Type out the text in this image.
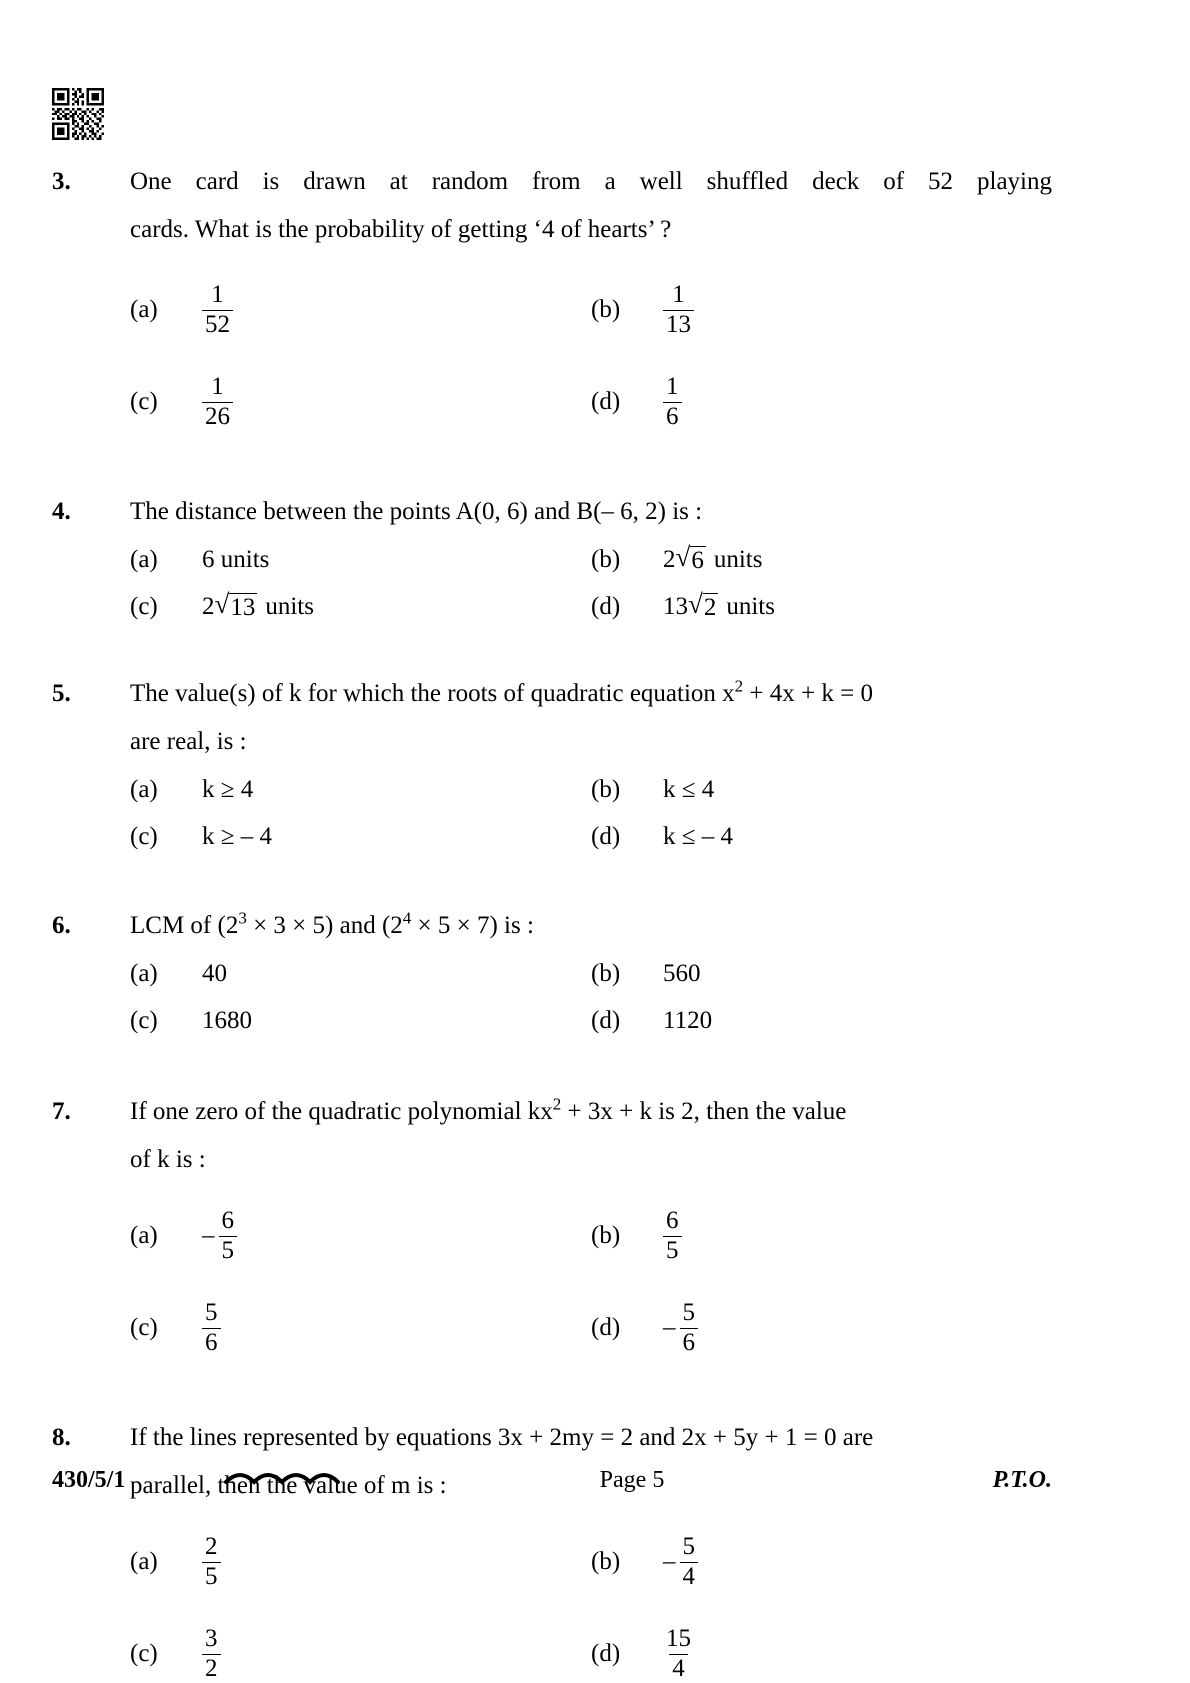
3.	One card is drawn at random from a well shuffled deck of 52 playing
cards. What is the probability of getting ‘4 of hearts’ ?
(a)	$\frac{1}{52}$	(b)	$\frac{1}{13}$
(c)	$\frac{1}{26}$	(d)	$\frac{1}{6}$
4.	The distance between the points A(0, 6) and B(– 6, 2) is :
(a)	6 units	(b)	2 √ 6 units
(c)	2 √ 13 units	(d)	13 √ 2 units
5.	The value(s) of k for which the roots of quadratic equation $x^2 + 4x + k = 0$
are real, is :
(a)	k ≥ 4	(b)	k ≤ 4
(c)	k ≥ – 4	(d)	k ≤ – 4
6.	LCM of $(2^3 \times 3 \times 5)$ and $(2^4 \times 5 \times 7)$ is :
(a)	40	(b)	560
(c)	1680	(d)	1120
7.	If one zero of the quadratic polynomial $kx^2 + 3x + k$ is 2, then the value
of k is :
(a)	– $\frac{6}{5}$	(b)	$\frac{6}{5}$
(c)	$\frac{5}{6}$	(d)	– $\frac{5}{6}$
8.	If the lines represented by equations 3x + 2my = 2 and 2x + 5y + 1 = 0 are
parallel, then the value of m is :
(a)	$\frac{2}{5}$	(b)	– $\frac{5}{4}$
(c)	$\frac{3}{2}$	(d)	$\frac{15}{4}$
430/5/1	Page 5	P.T.O.
